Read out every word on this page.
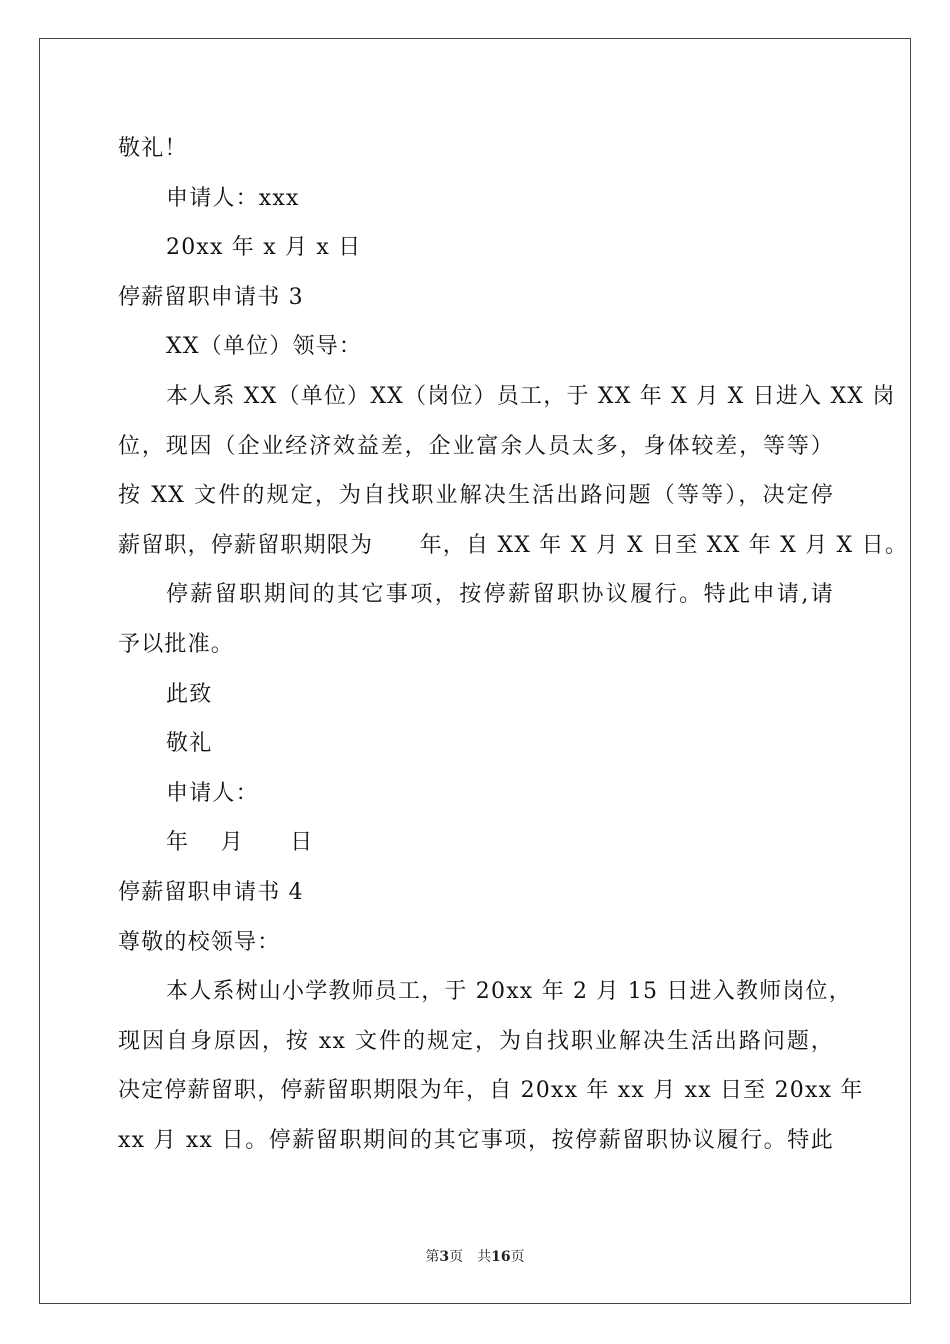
敬礼！
申请人：xxx
20xx 年 x 月 x 日
停薪留职申请书 3
XX（单位）领导：
本人系 XX（单位）XX（岗位）员工，于 XX 年 X 月 X 日进入 XX 岗
位，现因（企业经济效益差，企业富余人员太多，身体较差，等等）
按 XX 文件的规定，为自找职业解决生活出路问题（等等），决定停
薪留职，停薪留职期限为　　年，自 XX 年 X 月 X 日至 XX 年 X 月 X 日。
停薪留职期间的其它事项，按停薪留职协议履行。特此申请,请
予以批准。
此致
敬礼
申请人：
年　 月　　日
停薪留职申请书 4
尊敬的校领导：
本人系树山小学教师员工，于 20xx 年 2 月 15 日进入教师岗位，
现因自身原因，按 xx 文件的规定，为自找职业解决生活出路问题，
决定停薪留职，停薪留职期限为年，自 20xx 年 xx 月 xx 日至 20xx 年
xx 月 xx 日。停薪留职期间的其它事项，按停薪留职协议履行。特此
第3页 共16页
